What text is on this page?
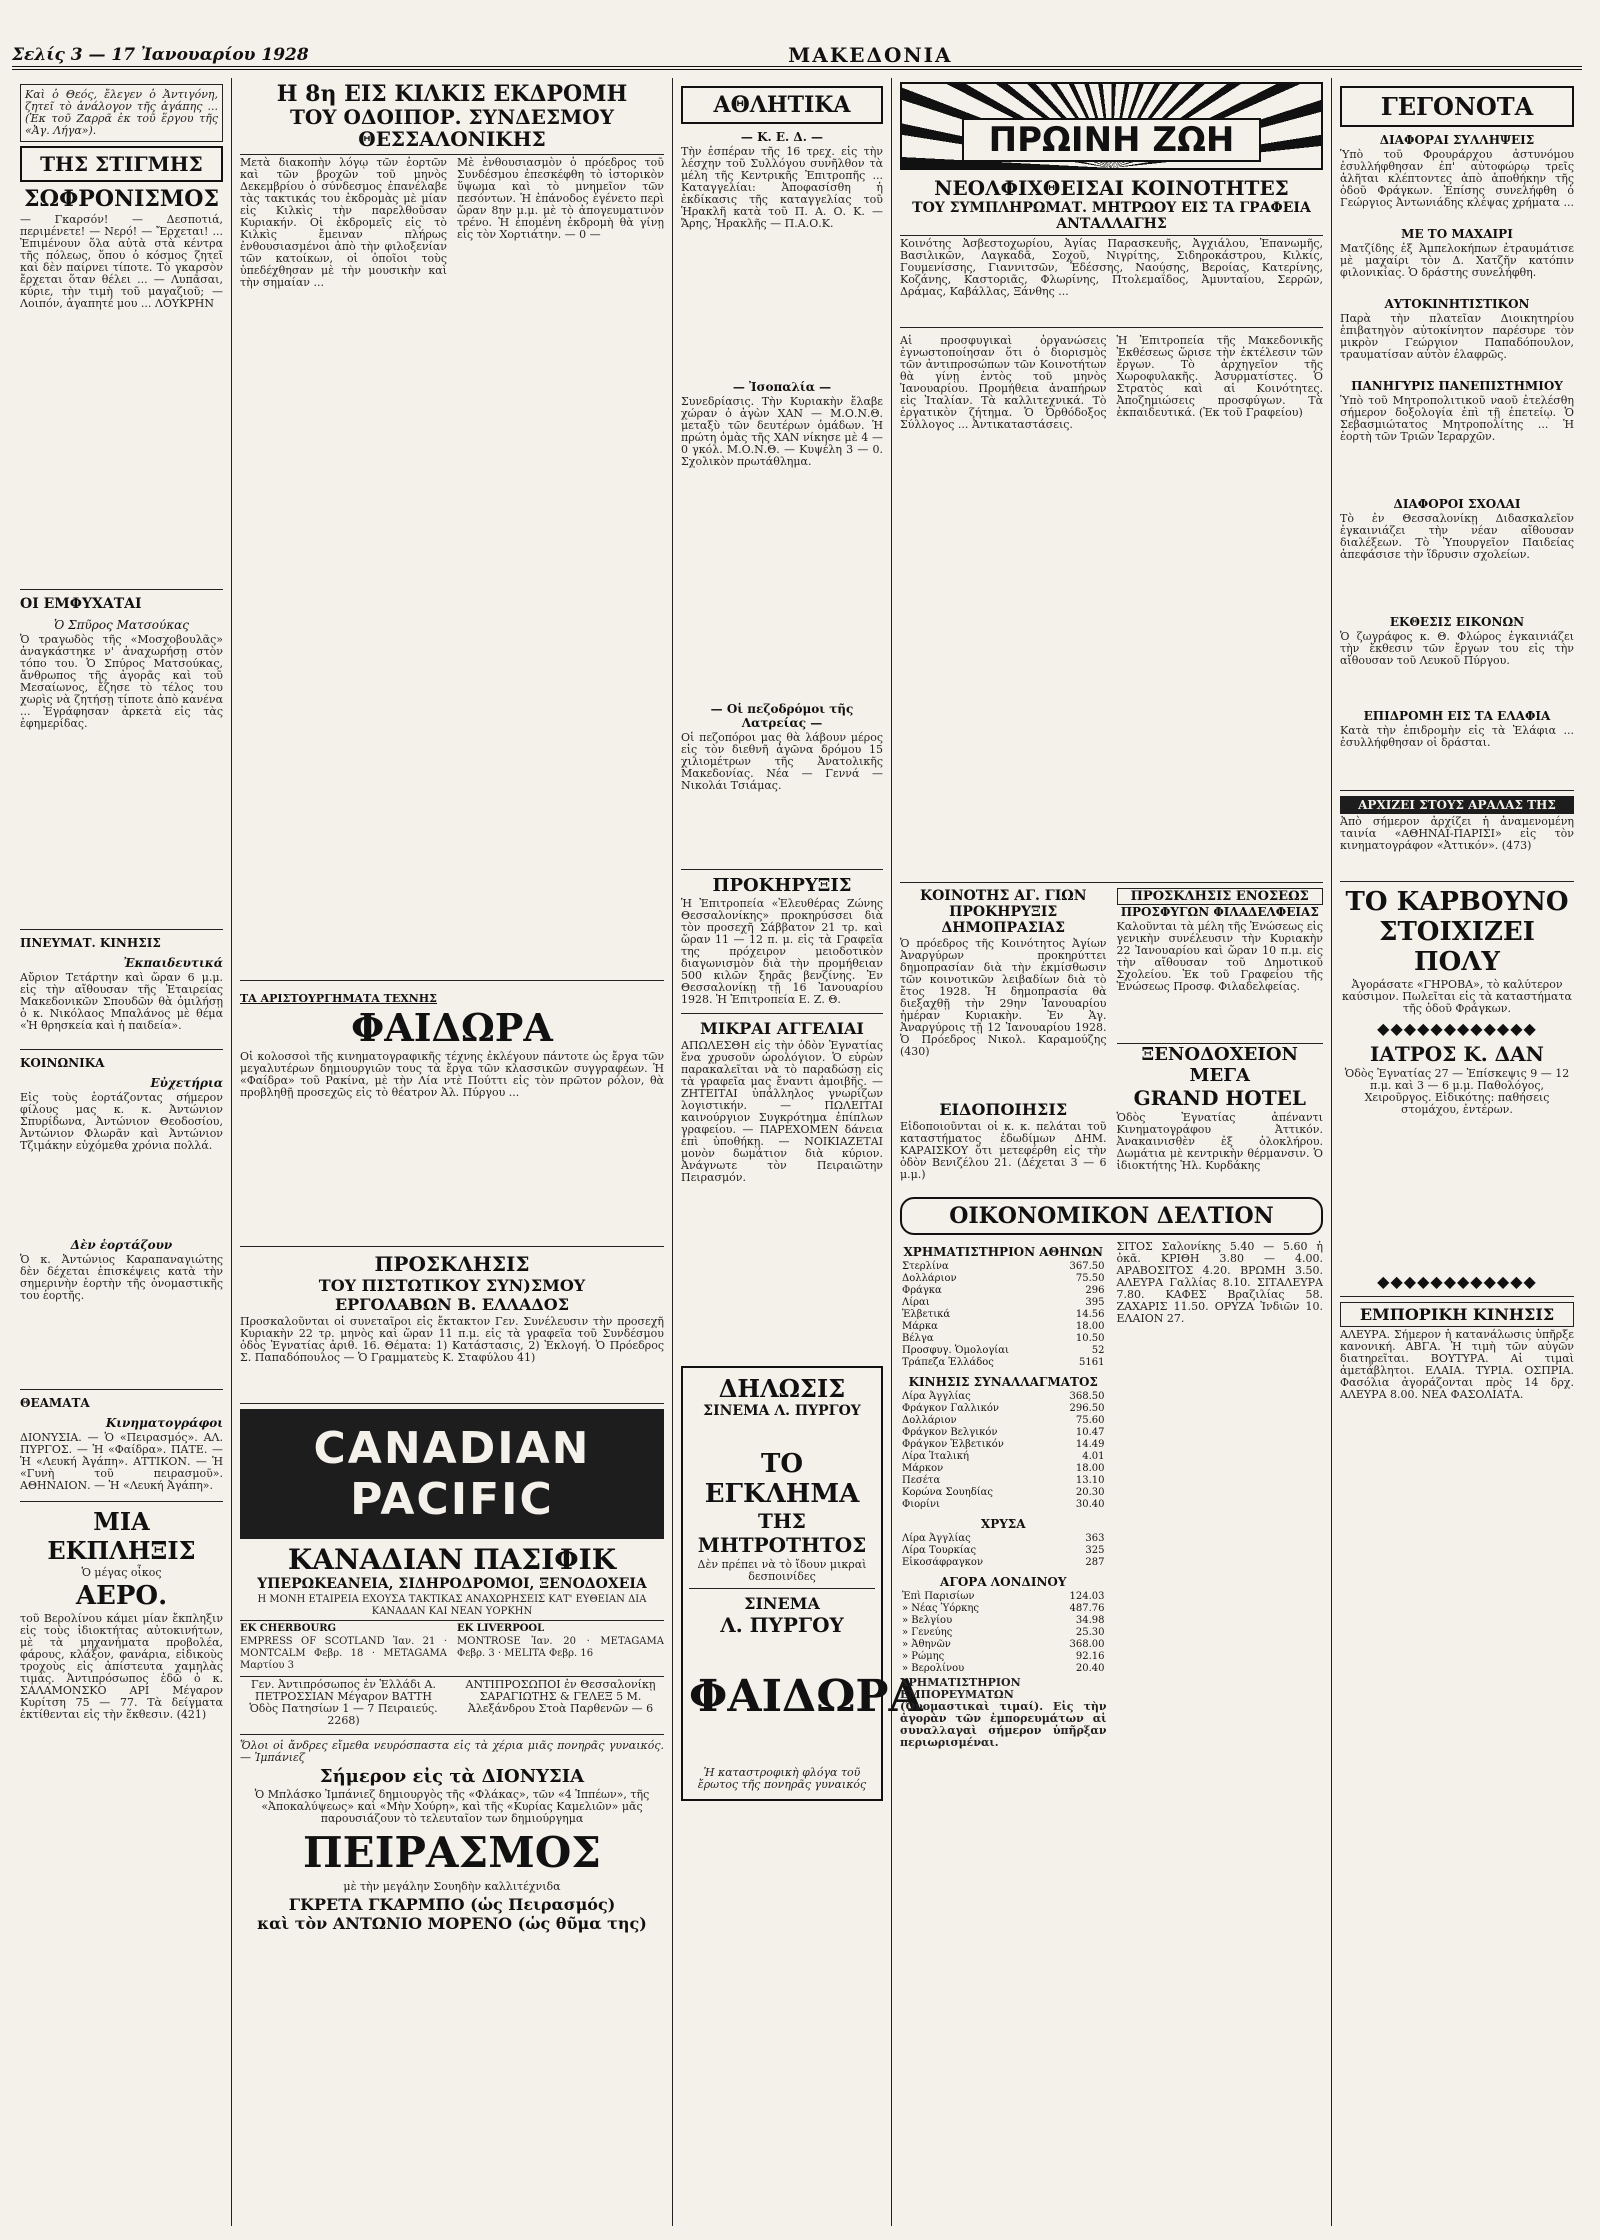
Σελίς 3 — 17 Ἰανουαρίου 1928	ΜΑΚΕΔΟΝΙΑ
Καὶ ὁ Θεός, ἔλεγεν ὁ Ἀντιγόνη, ζητεῖ τὸ ἀνάλογον τῆς ἀγάπης ... (Ἐκ τοῦ Ζαρρᾶ ἐκ τοῦ ἕργου τῆς «Ἀγ. Λήγα»).
ΤΗΣ ΣΤΙΓΜΗΣ
ΣΩΦΡΟΝΙΣΜΟΣ
— Γκαρσόν! — Δεσποτιά, περιμένετε! — Νερό! — Ἔρχεται! ... Ἐπιμένουν ὅλα αὐτὰ στὰ κέντρα τῆς πόλεως, ὅπου ὁ κόσμος ζητεῖ καὶ δὲν παίρνει τίποτε. Τὸ γκαρσὸν ἔρχεται ὅταν θέλει ... — Λυπᾶσαι, κύριε, τὴν τιμὴ τοῦ μαγαζιοῦ; — Λοιπόν, ἀγαπητέ μου ... ΛΟΥΚΡΗΝ
ΟΙ ΕΜΦΥΧΑΤΑΙ
Ὁ Σπῦρος Ματσούκας
Ὁ τραγωδὸς τῆς «Μοσχοβουλᾶς» ἀναγκάστηκε ν' ἀναχωρήσῃ στὸν τόπο του. Ὁ Σπύρος Ματσούκας, ἄνθρωπος τῆς ἀγορᾶς καὶ τοῦ Μεσαίωνος, ἔζησε τὸ τέλος του χωρὶς νὰ ζητήσῃ τίποτε ἀπὸ κανένα ... Ἐγράφησαν ἀρκετὰ εἰς τὰς ἐφημερίδας.
ΠΝΕΥΜΑΤ. ΚΙΝΗΣΙΣ
Ἐκπαιδευτικά
Αὔριον Τετάρτην καὶ ὥραν 6 μ.μ. εἰς τὴν αἴθουσαν τῆς Ἑταιρείας Μακεδονικῶν Σπουδῶν θὰ ὁμιλήσῃ ὁ κ. Νικόλαος Μπαλάνος μὲ θέμα «Ἡ θρησκεία καὶ ἡ παιδεία».
ΚΟΙΝΩΝΙΚΑ
Εὐχετήρια
Εἰς τοὺς ἑορτάζοντας σήμερον φίλους μας κ. κ. Ἀντώνιον Σπυρίδωνα, Ἀντώνιον Θεοδοσίου, Ἀντώνιον Φλωρᾶν καὶ Ἀντώνιον Τζιμάκην εὐχόμεθα χρόνια πολλά.
Δὲν ἑορτάζουν
Ὁ κ. Ἀντώνιος Καραπαναγιώτης δὲν δέχεται ἐπισκέψεις κατὰ τὴν σημερινὴν ἑορτὴν τῆς ὀνομαστικῆς του ἑορτῆς.
ΘΕΑΜΑΤΑ
Κινηματογράφοι
ΔΙΟΝΥΣΙΑ. — Ὁ «Πειρασμός». ΑΛ. ΠΥΡΓΟΣ. — Ἡ «Φαίδρα». ΠΑΤΕ. — Ἡ «Λευκή Ἀγάπη». ΑΤΤΙΚΟΝ. — Ἡ «Γυνὴ τοῦ πειρασμοῦ». ΑΘΗΝΑΙΟΝ. — Ἡ «Λευκή Ἀγάπη».
ΜΙΑ ΕΚΠΛΗΞΙΣ
Ὁ μέγας οἶκος
ΑΕΡΟ.
τοῦ Βερολίνου κάμει μίαν ἔκπληξιν εἰς τοὺς ἰδιοκτήτας αὐτοκινήτων, μὲ τὰ μηχανήματα προβολέα, φάρους, κλάξον, φανάρια, εἰδικοὺς τροχοὺς εἰς ἀπίστευτα χαμηλὰς τιμάς. Ἀντιπρόσωπος ἐδῶ ὁ κ. ΣΑΛΑΜΟΝΣΚΟ ΑΡΙ Μέγαρον Κυρίτση 75 — 77. Τὰ δείγματα ἐκτίθενται εἰς τὴν ἕκθεσιν. (421)
Η 8η ΕΙΣ ΚΙΛΚΙΣ ΕΚΔΡΟΜΗ
ΤΟΥ ΟΔΟΙΠΟΡ. ΣΥΝΔΕΣΜΟΥ ΘΕΣΣΑΛΟΝΙΚΗΣ
Μετὰ διακοπὴν λόγῳ τῶν ἑορτῶν καὶ τῶν βροχῶν τοῦ μηνὸς Δεκεμβρίου ὁ σύνδεσμος ἐπανέλαβε τὰς τακτικάς του ἐκδρομὰς μὲ μίαν εἰς Κιλκὶς τὴν παρελθοῦσαν Κυριακήν. Οἱ ἐκδρομεῖς εἰς τὸ Κιλκὶς ἔμειναν πλήρως ἐνθουσιασμένοι ἀπὸ τὴν φιλοξενίαν τῶν κατοίκων, οἱ ὁποῖοι τοὺς ὑπεδέχθησαν μὲ τὴν μουσικὴν καὶ τὴν σημαίαν ...
Μὲ ἐνθουσιασμὸν ὁ πρόεδρος τοῦ Συνδέσμου ἐπεσκέφθη τὸ ἱστορικὸν ὕψωμα καὶ τὸ μνημεῖον τῶν πεσόντων. Ἡ ἐπάνοδος ἐγένετο περὶ ὥραν 8ην μ.μ. μὲ τὸ ἀπογευματινὸν τρένο. Ἡ ἐπομένη ἐκδρομὴ θὰ γίνῃ εἰς τὸν Χορτιάτην. — 0 —
ΤΑ ΑΡΙΣΤΟΥΡΓΗΜΑΤΑ ΤΕΧΝΗΣ
ΦΑΙΔΩΡΑ
Οἱ κολοσσοὶ τῆς κινηματογραφικῆς τέχνης ἐκλέγουν πάντοτε ὡς ἔργα τῶν μεγαλυτέρων δημιουργιῶν τους τὰ ἔργα τῶν κλασσικῶν συγγραφέων. Ἡ «Φαίδρα» τοῦ Ρακίνα, μὲ τὴν Λία ντὲ Πούττι εἰς τὸν πρῶτον ρόλον, θὰ προβληθῇ προσεχῶς εἰς τὸ θέατρον Ἀλ. Πύργου ...
ΠΡΟΣΚΛΗΣΙΣ
ΤΟΥ ΠΙΣΤΩΤΙΚΟΥ ΣΥΝ)ΣΜΟΥ
ΕΡΓΟΛΑΒΩΝ Β. ΕΛΛΑΔΟΣ
Προσκαλοῦνται οἱ συνεταῖροι εἰς ἔκτακτον Γεν. Συνέλευσιν τὴν προσεχῆ Κυριακὴν 22 τρ. μηνὸς καὶ ὥραν 11 π.μ. εἰς τὰ γραφεῖα τοῦ Συνδέσμου ὁδὸς Ἐγνατίας ἀριθ. 16. Θέματα: 1) Κατάστασις, 2) Ἐκλογή. Ὁ Πρόεδρος Σ. Παπαδόπουλος — Ὁ Γραμματεὺς Κ. Σταφύλου 41)
CANADIAN PACIFIC
ΚΑΝΑΔΙΑΝ ΠΑΣΙΦΙΚ
ΥΠΕΡΩΚΕΑΝΕΙΑ, ΣΙΔΗΡΟΔΡΟΜΟΙ, ΞΕΝΟΔΟΧΕΙΑ
Η ΜΟΝΗ ΕΤΑΙΡΕΙΑ ΕΧΟΥΣΑ ΤΑΚΤΙΚΑΣ ΑΝΑΧΩΡΗΣΕΙΣ ΚΑΤ' ΕΥΘΕΙΑΝ ΔΙΑ ΚΑΝΑΔΑΝ ΚΑΙ ΝΕΑΝ ΥΟΡΚΗΝ
ΕΚ CHERBOURG
EMPRESS OF SCOTLAND Ἰαν. 21 · MONTCALM Φεβρ. 18 · METAGAMA Μαρτίου 3
ΕΚ LIVERPOOL
MONTROSE Ἰαν. 20 · METAGAMA Φεβρ. 3 · MELITA Φεβρ. 16
Γεν. Ἀντιπρόσωπος ἐν Ἑλλάδι Α. ΠΕΤΡΟΣΣΙΑΝ Μέγαρον ΒΑΤΤΗ Ὁδὸς Πατησίων 1 — 7 Πειραιεύς. 2268)
ΑΝΤΙΠΡΟΣΩΠΟΙ ἐν Θεσσαλονίκῃ ΣΑΡΑΓΙΩΤΗΣ & ΓΕΛΕΞ 5 Μ. Ἀλεξάνδρου Στοὰ Παρθενῶν — 6
Ὅλοι οἱ ἄνδρες εἴμεθα νευρόσπαστα εἰς τὰ χέρια μιᾶς πονηρᾶς γυναικός. — Ἰμπάνιεζ
Σήμερον εἰς τὰ ΔΙΟΝΥΣΙΑ
Ὁ Μπλάσκο Ἰμπάνιεζ δημιουργὸς τῆς «Φλάκας», τῶν «4 Ἱππέων», τῆς «Ἀποκαλύψεως» καὶ «Μὴν Χούρη», καὶ τῆς «Κυρίας Καμελιῶν» μᾶς παρουσιάζουν τὸ τελευταῖον των δημιούργημα
ΠΕΙΡΑΣΜΟΣ
μὲ τὴν μεγάλην Σουηδὴν καλλιτέχνιδα
ΓΚΡΕΤΑ ΓΚΑΡΜΠΟ (ὡς Πειρασμός)
καὶ τὸν ΑΝΤΩΝΙΟ ΜΟΡΕΝΟ (ὡς θῦμα της)
ΑΘΛΗΤΙΚΑ
— Κ. Ε. Δ. —
Τὴν ἐσπέραν τῆς 16 τρεχ. εἰς τὴν λέσχην τοῦ Συλλόγου συνῆλθον τὰ μέλη τῆς Κεντρικῆς Ἐπιτροπῆς ... Καταγγελίαι: Ἀποφασίσθη ἡ ἐκδίκασις τῆς καταγγελίας τοῦ Ἡρακλῆ κατὰ τοῦ Π. Α. Ο. Κ. — Ἄρης, Ἡρακλῆς — Π.Α.Ο.Κ.
— Ἰσοπαλία —
Συνεδρίασις. Τὴν Κυριακὴν ἔλαβε χώραν ὁ ἀγὼν ΧΑΝ — Μ.Ο.Ν.Θ. μεταξὺ τῶν δευτέρων ὁμάδων. Ἡ πρώτη ὁμὰς τῆς ΧΑΝ νίκησε μὲ 4 — 0 γκόλ. Μ.Ο.Ν.Θ. — Κυψέλη 3 — 0. Σχολικὸν πρωτάθλημα.
— Οἱ πεζοδρόμοι τῆς Λατρείας —
Οἱ πεζοπόροι μας θὰ λάβουν μέρος εἰς τὸν διεθνῆ ἀγῶνα δρόμου 15 χιλιομέτρων τῆς Ἀνατολικῆς Μακεδονίας. Νέα — Γεννά — Νικολάι Τσιάμας.
ΠΡΟΚΗΡΥΞΙΣ
Ἡ Ἐπιτροπεία «Ἐλευθέρας Ζώνης Θεσσαλονίκης» προκηρύσσει διὰ τὸν προσεχῆ Σάββατον 21 τρ. καὶ ὥραν 11 — 12 π. μ. εἰς τὰ Γραφεῖα της πρόχειρον μειοδοτικὸν διαγωνισμὸν διὰ τὴν προμήθειαν 500 κιλῶν ξηρᾶς βενζίνης. Ἐν Θεσσαλονίκῃ τῇ 16 Ἰανουαρίου 1928. Ἡ Ἐπιτροπεία Ε. Ζ. Θ.
ΜΙΚΡΑΙ ΑΓΓΕΛΙΑΙ
ΑΠΩΛΕΣΘΗ εἰς τὴν ὁδὸν Ἐγνατίας ἕνα χρυσοῦν ὡρολόγιον. Ὁ εὑρὼν παρακαλεῖται νὰ τὸ παραδώσῃ εἰς τὰ γραφεῖα μας ἔναντι ἀμοιβῆς. — ΖΗΤΕΙΤΑΙ ὑπάλληλος γνωρίζων λογιστικήν. — ΠΩΛΕΙΤΑΙ καινούργιον Συγκρότημα ἐπίπλων γραφείου. — ΠΑΡΕΧΟΜΕΝ δάνεια ἐπὶ ὑποθήκῃ. — ΝΟΙΚΙΑΖΕΤΑΙ μονὸν δωμάτιον διὰ κύριον. Ἀνάγνωτε τὸν Πειραιῶτην Πειρασμόν.
ΔΗΛΩΣΙΣ
ΣΙΝΕΜΑ Λ. ΠΥΡΓΟΥ
ΤΟ ΕΓΚΛΗΜΑ
ΤΗΣ ΜΗΤΡΟΤΗΤΟΣ
Δὲν πρέπει νὰ τὸ ἴδουν μικραὶ δεσποινίδες
ΣΙΝΕΜΑ
Λ. ΠΥΡΓΟΥ
ΦΑΙΔΩΡΑ
Ἡ καταστροφικὴ φλόγα τοῦ ἔρωτος τῆς πονηρᾶς γυναικός
ΠΡΩΙΝΗ ΖΩΗ
ΝΕΟΛΦΙΧΘΕΙΣΑΙ ΚΟΙΝΟΤΗΤΕΣ
ΤΟΥ ΣΥΜΠΛΗΡΩΜΑΤ. ΜΗΤΡΩΟΥ ΕΙΣ ΤΑ ΓΡΑΦΕΙΑ ΑΝΤΑΛΛΑΓΗΣ
Κοινότης Ἀσβεστοχωρίου, Ἀγίας Παρασκευῆς, Ἀγχιάλου, Ἐπανωμῆς, Βασιλικῶν, Λαγκαδᾶ, Σοχοῦ, Νιγρίτης, Σιδηροκάστρου, Κιλκίς, Γουμενίσσης, Γιαννιτσῶν, Ἐδέσσης, Ναούσης, Βεροίας, Κατερίνης, Κοζάνης, Καστοριᾶς, Φλωρίνης, Πτολεμαΐδος, Ἀμυνταίου, Σερρῶν, Δράμας, Καβάλλας, Ξάνθης ...
Αἱ προσφυγικαὶ ὀργανώσεις ἐγνωστοποίησαν ὅτι ὁ διορισμὸς τῶν ἀντιπροσώπων τῶν Κοινοτήτων θὰ γίνῃ ἐντὸς τοῦ μηνὸς Ἰανουαρίου. Προμήθεια ἀναπήρων εἰς Ἰταλίαν. Τὰ καλλιτεχνικά. Τὸ ἐργατικὸν ζήτημα. Ὁ Ὀρθόδοξος Σύλλογος ... Ἀντικαταστάσεις.
Ἡ Ἐπιτροπεία τῆς Μακεδονικῆς Ἐκθέσεως ὥρισε τὴν ἐκτέλεσιν τῶν ἔργων. Τὸ ἀρχηγεῖον τῆς Χωροφυλακῆς. Ἀσυρματίστες. Ὁ Στρατὸς καὶ αἱ Κοινότητες. Ἀποζημιώσεις προσφύγων. Τὰ ἐκπαιδευτικά. (Ἐκ τοῦ Γραφείου)
ΚΟΙΝΟΤΗΣ ΑΓ. ΓΙΩΝ
ΠΡΟΚΗΡΥΞΙΣ ΔΗΜΟΠΡΑΣΙΑΣ
Ὁ πρόεδρος τῆς Κοινότητος Ἀγίων Ἀναργύρων προκηρύττει δημοπρασίαν διὰ τὴν ἐκμίσθωσιν τῶν κοινοτικῶν λειβαδίων διὰ τὸ ἔτος 1928. Ἡ δημοπρασία θὰ διεξαχθῇ τὴν 29ην Ἰανουαρίου ἡμέραν Κυριακὴν. Ἐν Ἁγ. Ἀναργύροις τῇ 12 Ἰανουαρίου 1928. Ὁ Πρόεδρος Νικολ. Καραμούζης (430)
ΕΙΔΟΠΟΙΗΣΙΣ
Εἰδοποιοῦνται οἱ κ. κ. πελάται τοῦ καταστήματος ἐδωδίμων ΔΗΜ. ΚΑΡΑΙΣΚΟΥ ὅτι μετεφέρθη εἰς τὴν ὁδὸν Βενιζέλου 21. (Δέχεται 3 — 6 μ.μ.)
ΠΡΟΣΚΛΗΣΙΣ ΕΝΟΣΕΩΣ
ΠΡΟΣΦΥΓΩΝ ΦΙΛΑΔΕΛΦΕΙΑΣ
Καλοῦνται τὰ μέλη τῆς Ἑνώσεως εἰς γενικὴν συνέλευσιν τὴν Κυριακὴν 22 Ἰανουαρίου καὶ ὥραν 10 π.μ. εἰς τὴν αἴθουσαν τοῦ Δημοτικοῦ Σχολείου. Ἐκ τοῦ Γραφείου τῆς Ἑνώσεως Προσφ. Φιλαδελφείας.
ΞΕΝΟΔΟΧΕΙΟΝ ΜΕΓΑ
GRAND HOTEL
Ὁδὸς Ἐγνατίας ἀπέναντι Κινηματογράφου Ἀττικόν. Ἀνακαινισθὲν ἐξ ὁλοκλήρου. Δωμάτια μὲ κεντρικὴν θέρμανσιν. Ὁ ἰδιοκτήτης Ἠλ. Κυρδάκης
ΟΙΚΟΝΟΜΙΚΟΝ ΔΕΛΤΙΟΝ
ΧΡΗΜΑΤΙΣΤΗΡΙΟΝ ΑΘΗΝΩΝ
Στερλίνα	367.50
Δολλάριον	75.50
Φράγκα	296
Λίραι	395
Ἑλβετικά	14.56
Μάρκα	18.00
Βέλγα	10.50
Προσφυγ. Ὁμολογίαι	52
Τράπεζα Ἑλλάδος	5161
ΚΙΝΗΣΙΣ ΣΥΝΑΛΛΑΓΜΑΤΟΣ
Λίρα Ἀγγλίας	368.50
Φράγκον Γαλλικόν	296.50
Δολλάριον	75.60
Φράγκον Βελγικόν	10.47
Φράγκον Ἑλβετικόν	14.49
Λίρα Ἰταλική	4.01
Μάρκον	18.00
Πεσέτα	13.10
Κορώνα Σουηδίας	20.30
Φιορίνι	30.40
ΧΡΥΣΑ
Λίρα Ἀγγλίας	363
Λίρα Τουρκίας	325
Εἰκοσάφραγκον	287
ΑΓΟΡΑ ΛΟΝΔΙΝΟΥ
Ἐπὶ Παρισίων	124.03
» Νέας Ὑόρκης	487.76
» Βελγίου	34.98
» Γενεύης	25.30
» Ἀθηνῶν	368.00
» Ρώμης	92.16
» Βερολίνου	20.40
ΧΡΗΜΑΤΙΣΤΗΡΙΟΝ ΕΜΠΟΡΕΥΜΑΤΩΝ (Ὀνομαστικαὶ τιμαί). Εἰς τὴν ἀγορὰν τῶν ἐμπορευμάτων αἱ συναλλαγαὶ σήμερον ὑπῆρξαν περιωρισμέναι.
ΣΙΤΟΣ Σαλονίκης 5.40 — 5.60 ἡ ὀκᾶ. ΚΡΙΘΗ 3.80 — 4.00. ΑΡΑΒΟΣΙΤΟΣ 4.20. ΒΡΩΜΗ 3.50. ΑΛΕΥΡΑ Γαλλίας 8.10. ΣΙΤΑΛΕΥΡΑ 7.80. ΚΑΦΕΣ Βραζιλίας 58. ΖΑΧΑΡΙΣ 11.50. ΟΡΥΖΑ Ἰνδιῶν 10. ΕΛΑΙΟΝ 27.
ΓΕΓΟΝΟΤΑ
ΔΙΑΦΟΡΑΙ ΣΥΛΛΗΨΕΙΣ
Ὑπὸ τοῦ Φρουράρχου ἀστυνόμου ἐσυλλήφθησαν ἐπ' αὐτοφώρῳ τρεῖς ἀλῆται κλέπτοντες ἀπὸ ἀποθήκην τῆς ὁδοῦ Φράγκων. Ἐπίσης συνελήφθη ὁ Γεώργιος Ἀντωνιάδης κλέψας χρήματα ...
ΜΕ ΤΟ ΜΑΧΑΙΡΙ
Ματζίδης ἐξ Ἀμπελοκήπων ἐτραυμάτισε μὲ μαχαίρι τὸν Δ. Χατζῆν κατόπιν φιλονικίας. Ὁ δράστης συνελήφθη.
ΑΥΤΟΚΙΝΗΤΙΣΤΙΚΟΝ
Παρὰ τὴν πλατεῖαν Διοικητηρίου ἐπιβατηγὸν αὐτοκίνητον παρέσυρε τὸν μικρὸν Γεώργιον Παπαδόπουλον, τραυματίσαν αὐτὸν ἐλαφρῶς.
ΠΑΝΗΓΥΡΙΣ ΠΑΝΕΠΙΣΤΗΜΙΟΥ
Ὑπὸ τοῦ Μητροπολιτικοῦ ναοῦ ἐτελέσθη σήμερον δοξολογία ἐπὶ τῇ ἐπετείῳ. Ὁ Σεβασμιώτατος Μητροπολίτης ... Ἡ ἑορτὴ τῶν Τριῶν Ἱεραρχῶν.
ΔΙΑΦΟΡΟΙ ΣΧΟΛΑΙ
Τὸ ἐν Θεσσαλονίκῃ Διδασκαλεῖον ἐγκαινιάζει τὴν νέαν αἴθουσαν διαλέξεων. Τὸ Ὑπουργεῖον Παιδείας ἀπεφάσισε τὴν ἵδρυσιν σχολείων.
ΕΚΘΕΣΙΣ ΕΙΚΟΝΩΝ
Ὁ ζωγράφος κ. Θ. Φλώρος ἐγκαινιάζει τὴν ἔκθεσιν τῶν ἔργων του εἰς τὴν αἴθουσαν τοῦ Λευκοῦ Πύργου.
ΕΠΙΔΡΟΜΗ ΕΙΣ ΤΑ ΕΛΑΦΙΑ
Κατὰ τὴν ἐπιδρομὴν εἰς τὰ Ἐλάφια ... ἐσυλλήφθησαν οἱ δράσται.
ΑΡΧΙΖΕΙ ΣΤΟΥΣ ΑΡΑΛΑΣ ΤΗΣ
Ἀπὸ σήμερον ἀρχίζει ἡ ἀναμενομένη ταινία «ΑΘΗΝΑΙ-ΠΑΡΙΣΙ» εἰς τὸν κινηματογράφον «Ἀττικόν». (473)
ΤΟ ΚΑΡΒΟΥΝΟ
ΣΤΟΙΧΙΖΕΙ ΠΟΛΥ
Ἀγοράσατε «ΓΗΡΟΒΑ», τὸ καλύτερον καύσιμον. Πωλεῖται εἰς τὰ καταστήματα τῆς ὁδοῦ Φράγκων.
◆◆◆◆◆◆◆◆◆◆◆◆
ΙΑΤΡΟΣ Κ. ΔΑΝ
Ὁδὸς Ἐγνατίας 27 — Ἐπίσκεψις 9 — 12 π.μ. καὶ 3 — 6 μ.μ. Παθολόγος, Χειροῦργος. Εἰδικότης: παθήσεις στομάχου, ἐντέρων.
◆◆◆◆◆◆◆◆◆◆◆◆
ΕΜΠΟΡΙΚΗ ΚΙΝΗΣΙΣ
ΑΛΕΥΡΑ. Σήμερον ἡ κατανάλωσις ὑπῆρξε κανονική. ΑΒΓΑ. Ἡ τιμὴ τῶν αὐγῶν διατηρεῖται. ΒΟΥΤΥΡΑ. Αἱ τιμαὶ ἀμετάβλητοι. ΕΛΑΙΑ. ΤΥΡΙΑ. ΟΣΠΡΙΑ. Φασόλια ἀγοράζονται πρὸς 14 δρχ. ΑΛΕΥΡΑ 8.00. ΝΕΑ ΦΑΣΟΛΙΑΤΑ.
